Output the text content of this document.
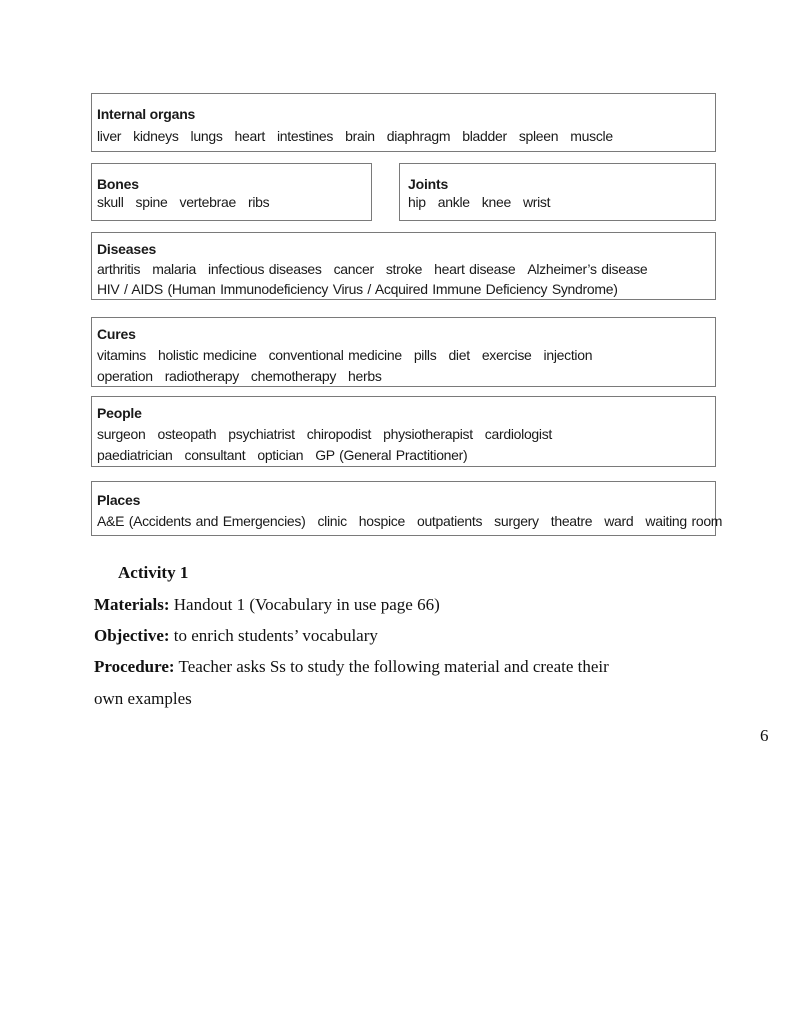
Internal organs
liver kidneys lungs heart intestines brain diaphragm bladder spleen muscle
Bones
skull spine vertebrae ribs
Joints
hip ankle knee wrist
Diseases
arthritis malaria infectious diseases cancer stroke heart disease Alzheimer’s disease
HIV / AIDS (Human Immunodeficiency Virus / Acquired Immune Deficiency Syndrome)
Cures
vitamins holistic medicine conventional medicine pills diet exercise injection
operation radiotherapy chemotherapy herbs
People
surgeon osteopath psychiatrist chiropodist physiotherapist cardiologist
paediatrician consultant optician GP (General Practitioner)
Places
A&E (Accidents and Emergencies) clinic hospice outpatients surgery theatre ward waiting room
Activity 1
Materials: Handout 1 (Vocabulary in use page 66)
Objective: to enrich students’ vocabulary
Procedure: Teacher asks Ss to study the following material and create their
own examples
6
